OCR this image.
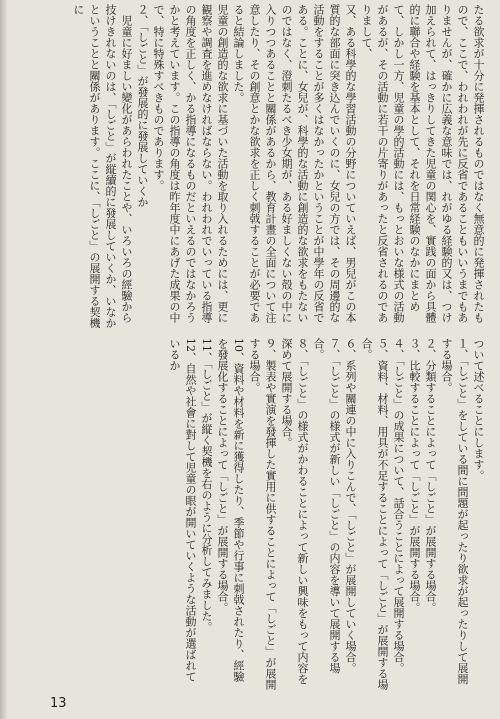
たる欲求が十分に発揮されるものではなく無意的に発揮されたもので、ここで、われわれが先に反省であることもいいうまでもありませんが、確かに広義な意味では、れがゆる経験的又は、つけ加えられて、はっきりしてきた児童の関心を、實践の面から具體的に聯合や経験を基本として、それを日常経験のなかにまとめて、しかし一方、児童の學的活動には、もっとおいな様式の活動があるが、その活動に若干の片寄りがあったと反省されるのでありまして、
又、ある科學的な學習活動の分野についていえば、男兒がこの本質的な部面に突き込んでいくのに、女兒の方では、その周邊的な活動をすることが多くはなかったかということが中學年の反省である。ことに、女兒が、科學的な活動に創造的な欲求をもたないのではなく、澄刺たるべき少女期が、ある好ましくない殻の中に入りつつあることと關係があるから、教育計畫の全面について注意したり、その創意とかな欲求を正しく刺戟することが必要であると結論しました。
児童の創造的な欲求に基づいた活動を取り入れるためには、更に観察や調査を進めなければならない。われわれでいっている指導の角度を正しく、かる指導になるものだといえるのではなかろうかと考えています。この指導の角度は昨年度中にあげた成果の中で、特に特殊すべきものであります。
２、「しごと」が發展的に發展していくか
　児童に好ましい變化があらわれたことや、いろいろの經驗から技けきれないのは、「しごと」が縦續的に發展していくか、いなかということと關係があります。ここに、「しごと」の展開する契機に
ついて述べることにします。
１、「しごと」をしている間に問題が起ったり欲求が起ったりして展開する場合。
２、分類することによって「しごと」が展開する場合。
３、比較することによって「しごと」が展開する場合。
４、「しごと」の成果について、話合うことによって展開する場合。
５、資料、材料、用具が不足することによって「しごと」が展開する場合。
６、系列や關連の中に入りこんで、「しごと」が展開していく場合。
７、「しごと」の様式が新しい「しごと」の内容を導いて展開する場合。
８、「しごと」の様式がかわることによって新しい興味をもって内容を深めて展開する場合。
９、製表や實演を發揮した實用に供することによって「しごと」が展開する場合。
10、資料や材料を新に獲得したり、季節や行事に刺戟されたり、經驗を發展化することによって「しごと」が展開する場合。
11、「しごと」が縦く契機を右のように分析してみました。
12、自然や社會に對して児童の眼が開いていくような活動が選ばれているか
13
